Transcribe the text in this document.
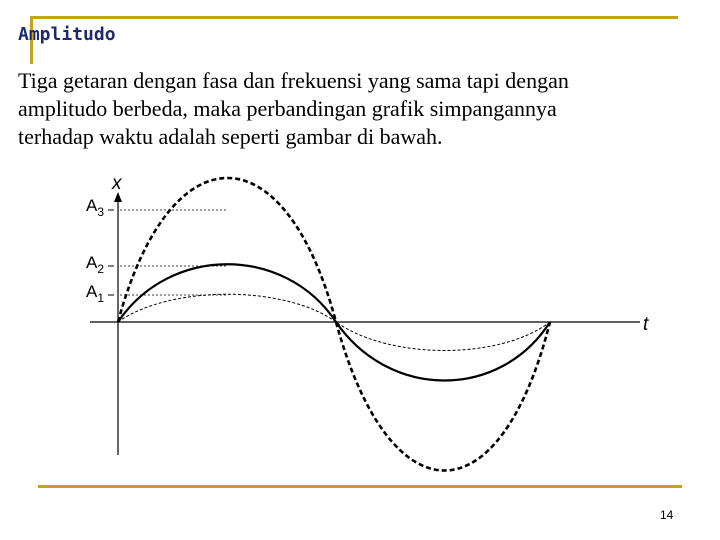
Amplitudo
Tiga getaran dengan fasa dan frekuensi yang sama tapi dengan amplitudo berbeda, maka perbandingan grafik simpangannya terhadap waktu adalah seperti gambar di bawah.
x
t
$A_3$
$A_2$
$A_1$
14
